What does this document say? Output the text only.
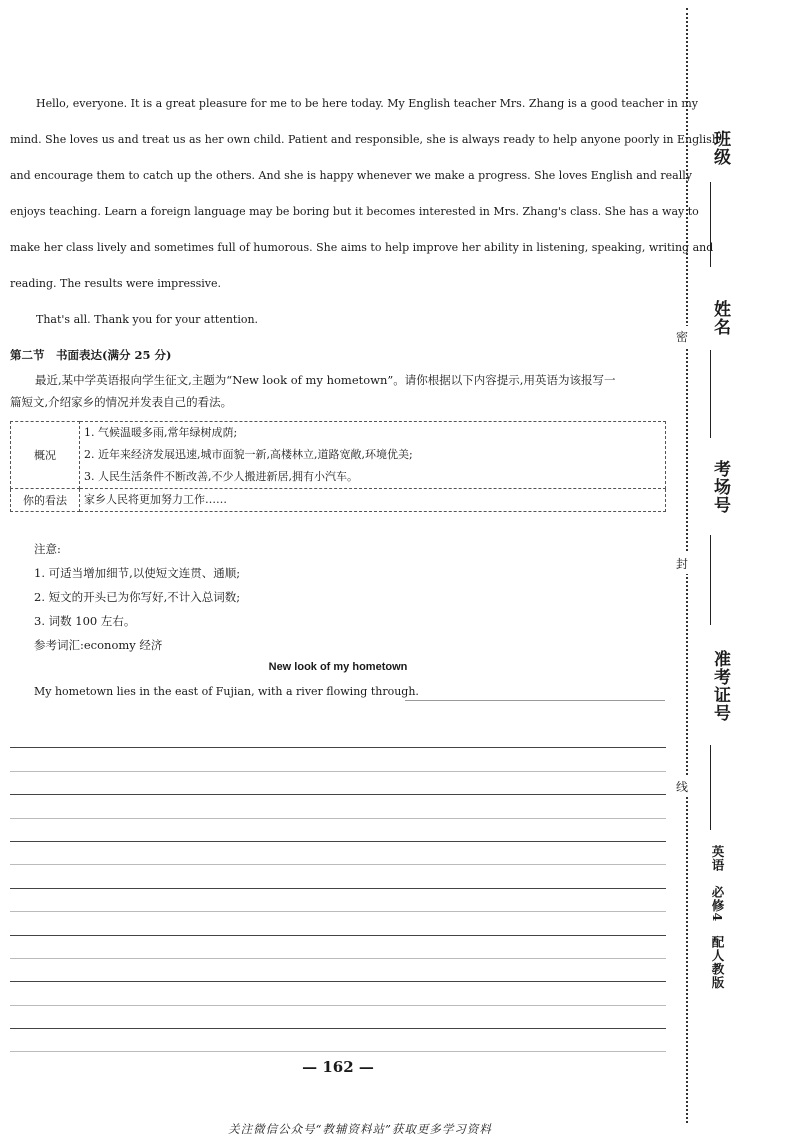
Hello, everyone. It is a great pleasure for me to be here today. My English teacher Mrs. Zhang is a good teacher in my
mind. She loves us and treat us as her own child. Patient and responsible, she is always ready to help anyone poorly in English
and encourage them to catch up the others. And she is happy whenever we make a progress. She loves English and really
enjoys teaching. Learn a foreign language may be boring but it becomes interested in Mrs. Zhang's class. She has a way to
make her class lively and sometimes full of humorous. She aims to help improve her ability in listening, speaking, writing and
reading. The results were impressive.
That's all. Thank you for your attention.
第二节　书面表达(满分 25 分)
最近,某中学英语报向学生征文,主题为“New look of my hometown”。请你根据以下内容提示,用英语为该报写一
篇短文,介绍家乡的情况并发表自己的看法。
概况	1. 气候温暖多雨,常年绿树成荫;
2. 近年来经济发展迅速,城市面貌一新,高楼林立,道路宽敞,环境优美;
3. 人民生活条件不断改善,不少人搬进新居,拥有小汽车。

你的看法	家乡人民将更加努力工作……
注意:
1. 可适当增加细节,以使短文连贯、通顺;
2. 短文的开头已为你写好,不计入总词数;
3. 词数 100 左右。
参考词汇:economy 经济
New look of my hometown
My hometown lies in the east of Fujian, with a river flowing through.
— 162 —
关注微信公众号“教辅资料站”获取更多学习资料
密
封
线
班级
姓名
考场号
准考证号
英语　必修4　配人教版
